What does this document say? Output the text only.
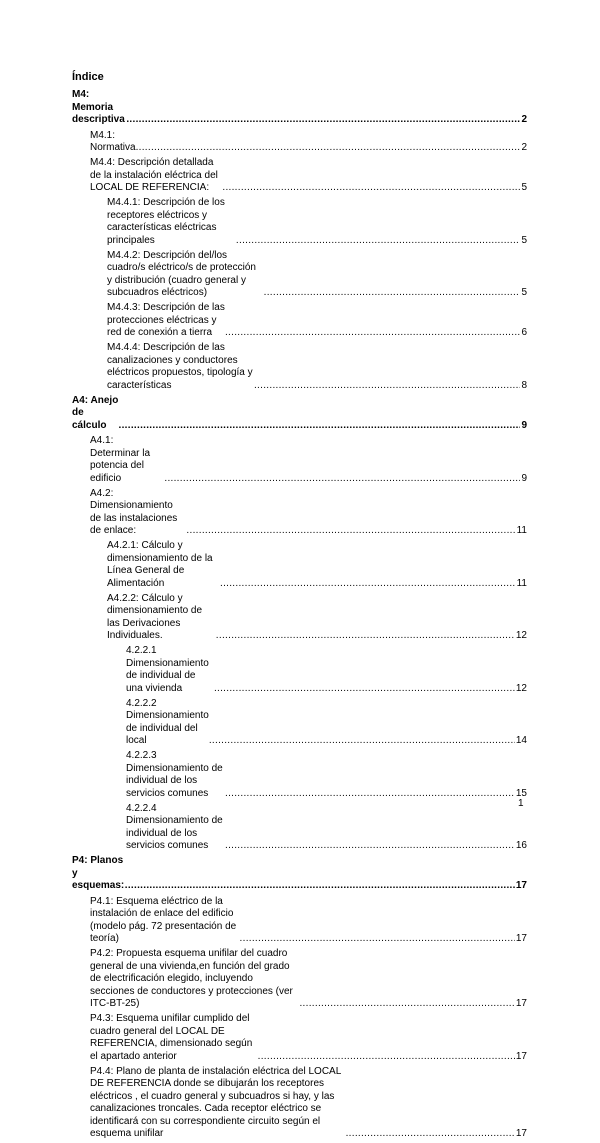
Índice
M4: Memoria descriptiva .....	2
M4.1: Normativa .....	2
M4.4: Descripción detallada de la instalación eléctrica del LOCAL DE REFERENCIA: .....	5
M4.4.1: Descripción de los receptores eléctricos y características eléctricas principales .....	5
M4.4.2: Descripción del/los cuadro/s eléctrico/s de protección y distribución (cuadro general y subcuadros eléctricos) .....	5
M4.4.3: Descripción de las protecciones eléctricas y red de conexión a tierra .....	6
M4.4.4: Descripción de las canalizaciones y conductores eléctricos propuestos, tipología y características .....	8
A4: Anejo de cálculo .....	9
A4.1: Determinar la potencia del edificio .....	9
A4.2: Dimensionamiento de las instalaciones de enlace: .....	11
A4.2.1: Cálculo y dimensionamiento de la Línea General de Alimentación .....	11
A4.2.2: Cálculo y dimensionamiento de las Derivaciones Individuales. .....	12
4.2.2.1 Dimensionamiento de individual de una vivienda .....	12
4.2.2.2 Dimensionamiento de individual del local .....	14
4.2.2.3 Dimensionamiento de individual de los servicios comunes .....	15
4.2.2.4 Dimensionamiento de individual de los servicios comunes .....	16
P4: Planos y esquemas: .....	17
P4.1: Esquema eléctrico de la instalación de enlace del edificio (modelo pág. 72 presentación de teoría) .....	17
P4.2: Propuesta esquema unifilar del cuadro general de una vivienda,en función del grado de electrificación elegido, incluyendo secciones de conductores y protecciones (ver ITC-BT-25) .....	17
P4.3: Esquema unifilar cumplido del cuadro general del LOCAL DE REFERENCIA, dimensionado según el apartado anterior .....	17
P4.4: Plano de planta de instalación eléctrica del LOCAL DE REFERENCIA donde se dibujarán los receptores eléctricos , el cuadro general y subcuadros si hay, y las canalizaciones troncales. Cada receptor eléctrico se identificará con su correspondiente circuito según el esquema unifilar .....	17
1
